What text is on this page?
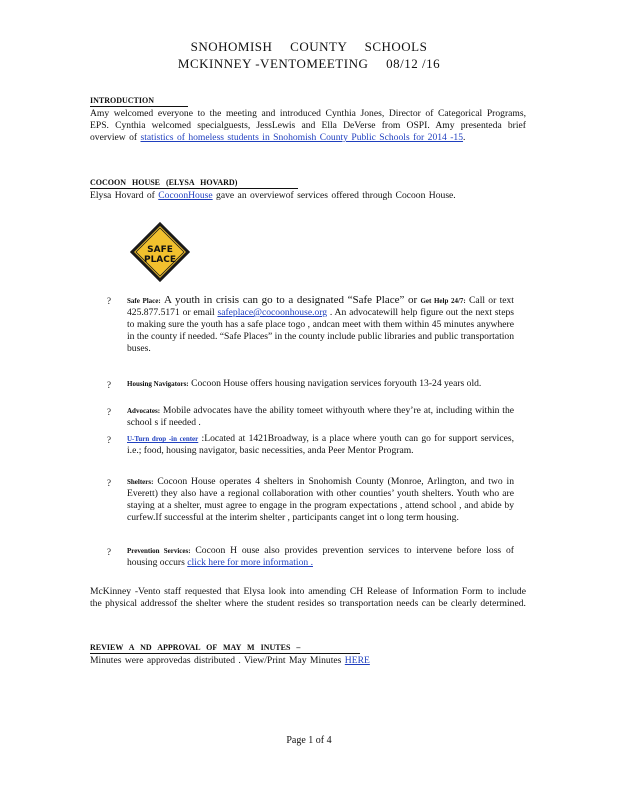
SNOHOMISH COUNTY SCHOOLS
MCKINNEY -VENTOMEETING 08/12 /16
INTRODUCTION
Amy welcomed everyone to the meeting and introduced Cynthia Jones, Director of Categorical Programs, EPS. Cynthia welcomed specialguests, JessLewis and Ella DeVerse from OSPI. Amy presenteda brief overview of statistics of homeless students in Snohomish County Public Schools for 2014 -15.
COCOON HOUSE (ELYSA HOVARD)
Elysa Hovard of CocoonHouse gave an overviewof services offered through Cocoon House.
SAFE
PLACE
? Safe Place: A youth in crisis can go to a designated “Safe Place” or Get Help 24/7: Call or text 425.877.5171 or email safeplace@cocoonhouse.org . An advocatewill help figure out the next steps to making sure the youth has a safe place togo , andcan meet with them within 45 minutes anywhere in the county if needed. “Safe Places” in the county include public libraries and public transportation buses.
? Housing Navigators: Cocoon House offers housing navigation services foryouth 13-24 years old.
? Advocates: Mobile advocates have the ability tomeet withyouth where they’re at, including within the school s if needed .
? U-Turn drop -in center :Located at 1421Broadway, is a place where youth can go for support services, i.e.; food, housing navigator, basic necessities, anda Peer Mentor Program.
? Shelters: Cocoon House operates 4 shelters in Snohomish County (Monroe, Arlington, and two in Everett) they also have a regional collaboration with other counties’ youth shelters. Youth who are staying at a shelter, must agree to engage in the program expectations , attend school , and abide by curfew.If successful at the interim shelter , participants canget int o long term housing.
? Prevention Services: Cocoon H ouse also provides prevention services to intervene before loss of housing occurs click here for more information .
McKinney -Vento staff requested that Elysa look into amending CH Release of Information Form to include the physical addressof the shelter where the student resides so transportation needs can be clearly determined.
REVIEW A ND APPROVAL OF MAY M INUTES –
Minutes were approvedas distributed . View/Print May Minutes HERE
Page 1 of 4
